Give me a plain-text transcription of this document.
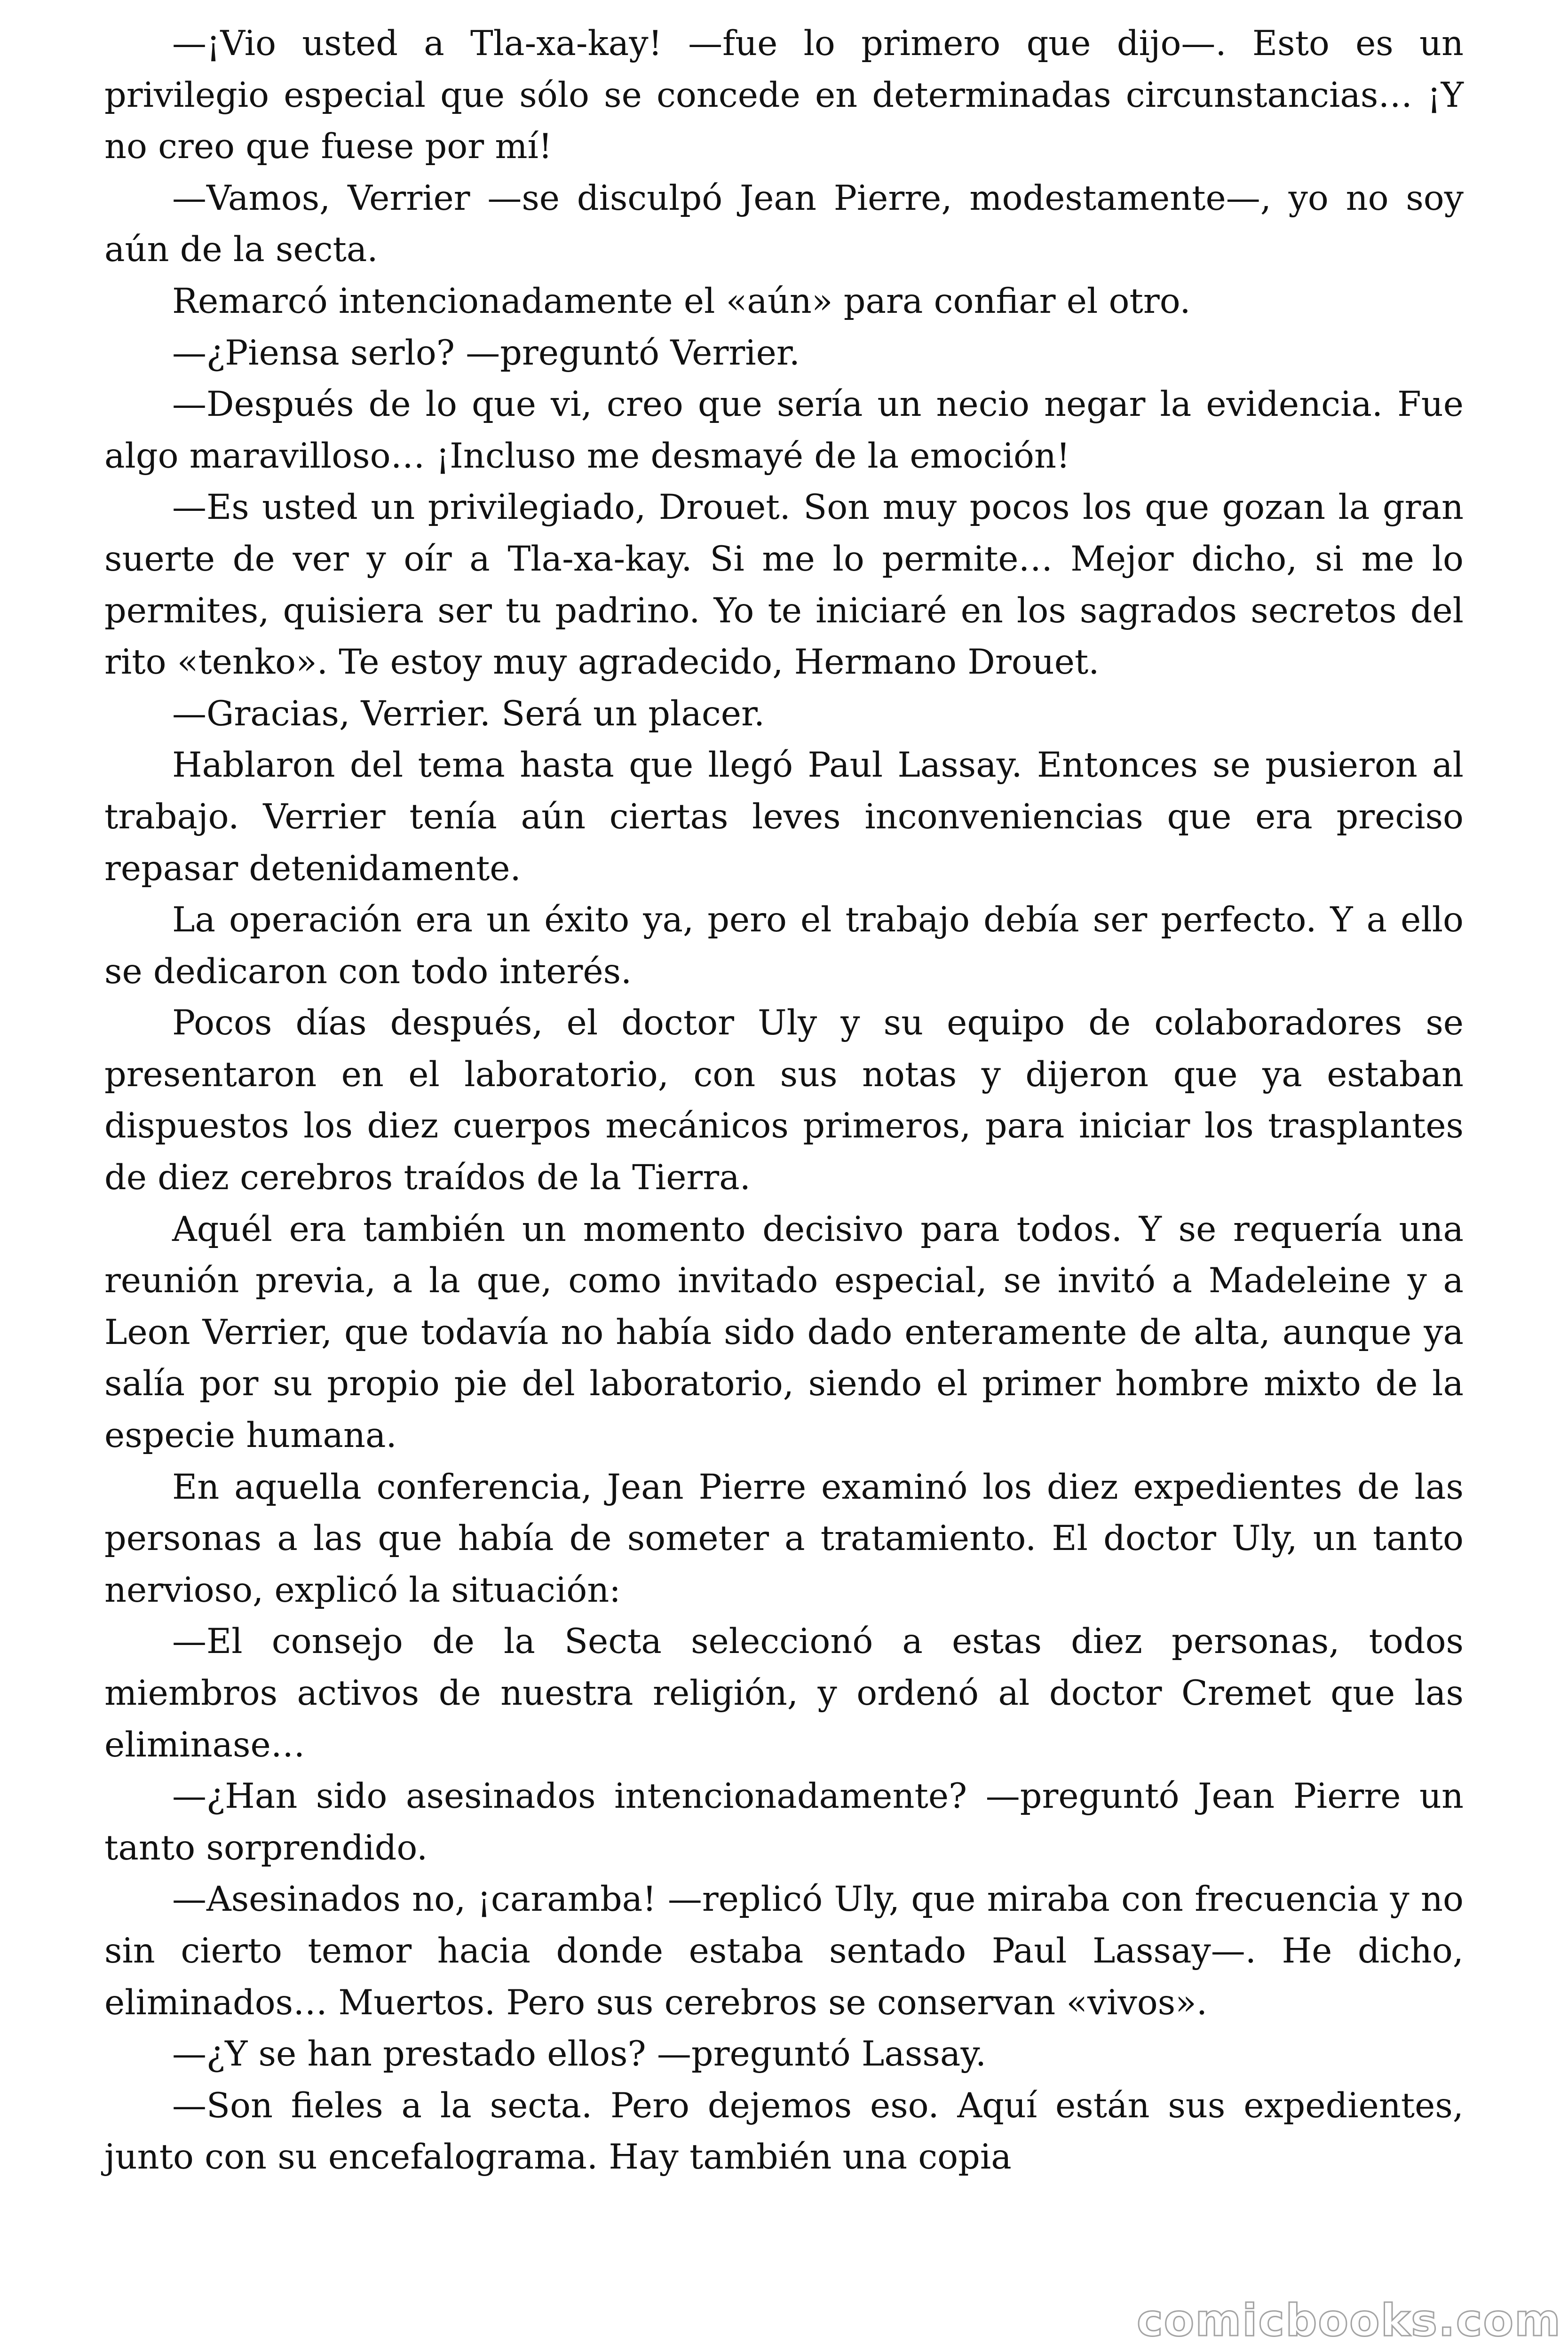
—¡Vio usted a Tla-xa-kay! —fue lo primero que dijo—. Esto es un privilegio especial que sólo se concede en determinadas circunstancias… ¡Y no creo que fuese por mí!

—Vamos, Verrier —se disculpó Jean Pierre, modestamente—, yo no soy aún de la secta.

Remarcó intencionadamente el «aún» para confiar el otro.

—¿Piensa serlo? —preguntó Verrier.

—Después de lo que vi, creo que sería un necio negar la evidencia. Fue algo maravilloso… ¡Incluso me desmayé de la emoción!

—Es usted un privilegiado, Drouet. Son muy pocos los que gozan la gran suerte de ver y oír a Tla-xa-kay. Si me lo permite… Mejor dicho, si me lo permites, quisiera ser tu padrino. Yo te iniciaré en los sagrados secretos del rito «tenko». Te estoy muy agradecido, Hermano Drouet.

—Gracias, Verrier. Será un placer.

Hablaron del tema hasta que llegó Paul Lassay. Entonces se pusieron al trabajo. Verrier tenía aún ciertas leves inconveniencias que era preciso repasar detenidamente.

La operación era un éxito ya, pero el trabajo debía ser perfecto. Y a ello se dedicaron con todo interés.

Pocos días después, el doctor Uly y su equipo de colaboradores se presentaron en el laboratorio, con sus notas y dijeron que ya estaban dispuestos los diez cuerpos mecánicos primeros, para iniciar los trasplantes de diez cerebros traídos de la Tierra.

Aquél era también un momento decisivo para todos. Y se requería una reunión previa, a la que, como invitado especial, se invitó a Madeleine y a Leon Verrier, que todavía no había sido dado enteramente de alta, aunque ya salía por su propio pie del laboratorio, siendo el primer hombre mixto de la especie humana.

En aquella conferencia, Jean Pierre examinó los diez expedientes de las personas a las que había de someter a tratamiento. El doctor Uly, un tanto nervioso, explicó la situación:

—El consejo de la Secta seleccionó a estas diez personas, todos miembros activos de nuestra religión, y ordenó al doctor Cremet que las eliminase…

—¿Han sido asesinados intencionadamente? —preguntó Jean Pierre un tanto sorprendido.

—Asesinados no, ¡caramba! —replicó Uly, que miraba con frecuencia y no sin cierto temor hacia donde estaba sentado Paul Lassay—. He dicho, eliminados… Muertos. Pero sus cerebros se conservan «vivos».

—¿Y se han prestado ellos? —preguntó Lassay.

—Son fieles a la secta. Pero dejemos eso. Aquí están sus expedientes, junto con su encefalograma. Hay también una copia

comicbooks.com
